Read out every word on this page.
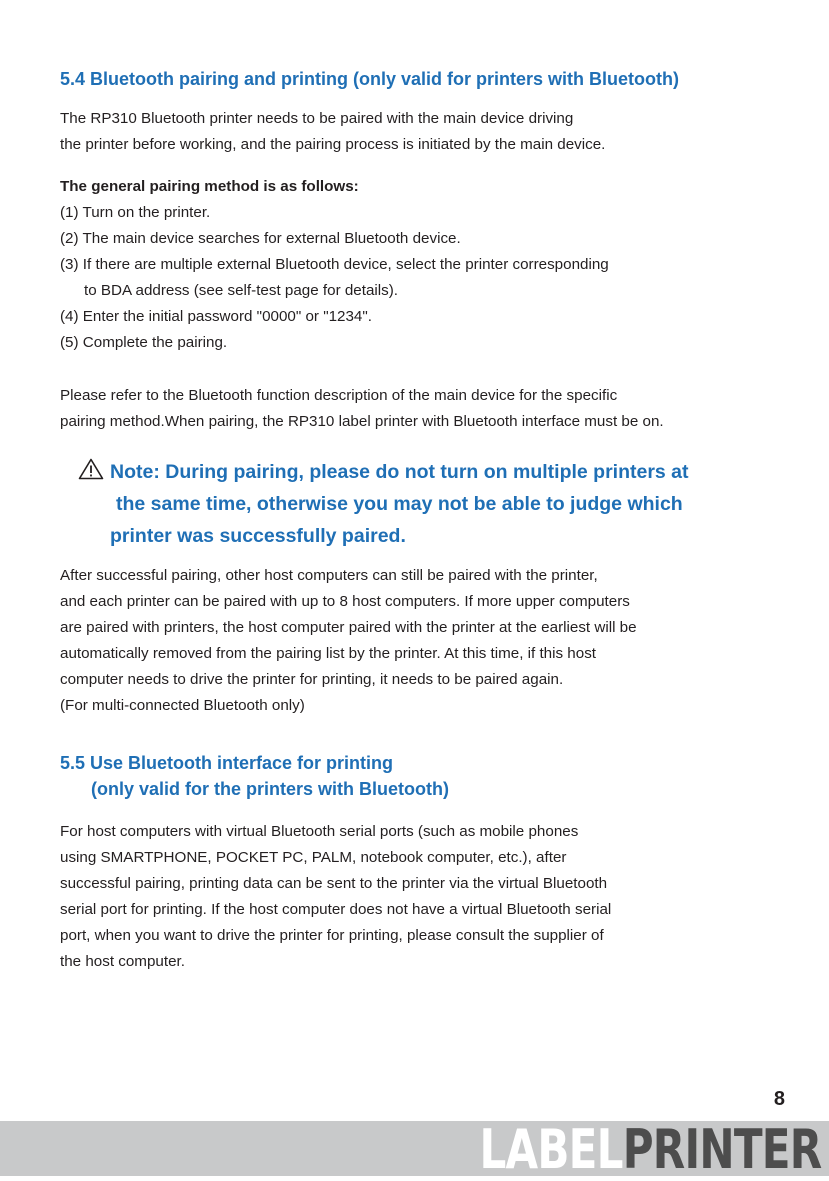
5.4 Bluetooth pairing and printing (only valid for printers with Bluetooth)

The RP310 Bluetooth printer needs to be paired with the main device driving

the printer before working, and the pairing process is initiated by the main device.

The general pairing method is as follows:

(1) Turn on the printer.

(2) The main device searches for external Bluetooth device.

(3) If there are multiple external Bluetooth device, select the printer corresponding

to BDA address (see self-test page for details).

(4) Enter the initial password "0000" or "1234".

(5) Complete the pairing.

Please refer to the Bluetooth function description of the main device for the specific

pairing method.When pairing, the RP310 label printer with Bluetooth interface must be on.

Note: During pairing, please do not turn on multiple printers at
the same time, otherwise you may not be able to judge which
printer was successfully paired.

After successful pairing, other host computers can still be paired with the printer,

and each printer can be paired with up to 8 host computers. If more upper computers

are paired with printers, the host computer paired with the printer at the earliest will be

automatically removed from the pairing list by the printer. At this time, if this host

computer needs to drive the printer for printing, it needs to be paired again.

(For multi-connected Bluetooth only)

5.5 Use Bluetooth interface for printing
(only valid for the printers with Bluetooth)

For host computers with virtual Bluetooth serial ports (such as mobile phones

using SMARTPHONE, POCKET PC, PALM, notebook computer, etc.), after

successful pairing, printing data can be sent to the printer via the virtual Bluetooth

serial port for printing. If the host computer does not have a virtual Bluetooth serial

port, when you want to drive the printer for printing, please consult the supplier of

the host computer.

8
LABELPRINTER
